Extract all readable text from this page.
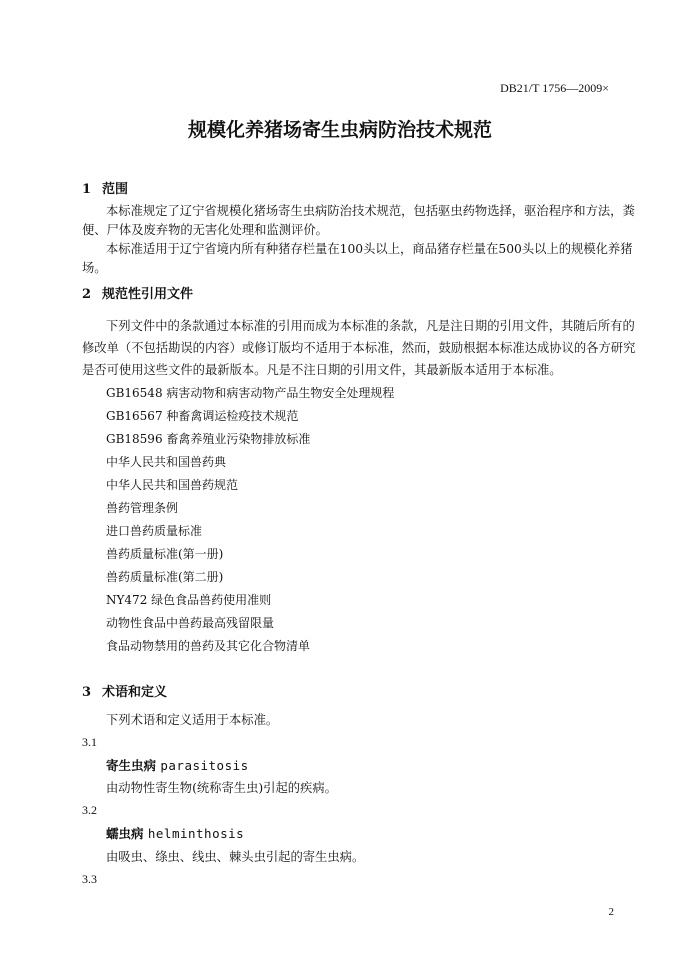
DB21/T 1756—2009×
规模化养猪场寄生虫病防治技术规范
1 范围
本标准规定了辽宁省规模化猪场寄生虫病防治技术规范，包括驱虫药物选择，驱治程序和方法，粪
便、尸体及废弃物的无害化处理和监测评价。
本标准适用于辽宁省境内所有种猪存栏量在100头以上，商品猪存栏量在500头以上的规模化养猪
场。
2 规范性引用文件
下列文件中的条款通过本标准的引用而成为本标准的条款，凡是注日期的引用文件，其随后所有的
修改单（不包括勘误的内容）或修订版均不适用于本标准，然而，鼓励根据本标准达成协议的各方研究
是否可使用这些文件的最新版本。凡是不注日期的引用文件，其最新版本适用于本标准。
GB16548 病害动物和病害动物产品生物安全处理规程
GB16567 种畜禽调运检疫技术规范
GB18596 畜禽养殖业污染物排放标准
中华人民共和国兽药典
中华人民共和国兽药规范
兽药管理条例
进口兽药质量标准
兽药质量标准(第一册)
兽药质量标准(第二册)
NY472 绿色食品兽药使用准则
动物性食品中兽药最高残留限量
食品动物禁用的兽药及其它化合物清单
3 术语和定义
下列术语和定义适用于本标准。
3.1
寄生虫病 parasitosis
由动物性寄生物(统称寄生虫)引起的疾病。
3.2
蠕虫病 helminthosis
由吸虫、绦虫、线虫、棘头虫引起的寄生虫病。
3.3
2
